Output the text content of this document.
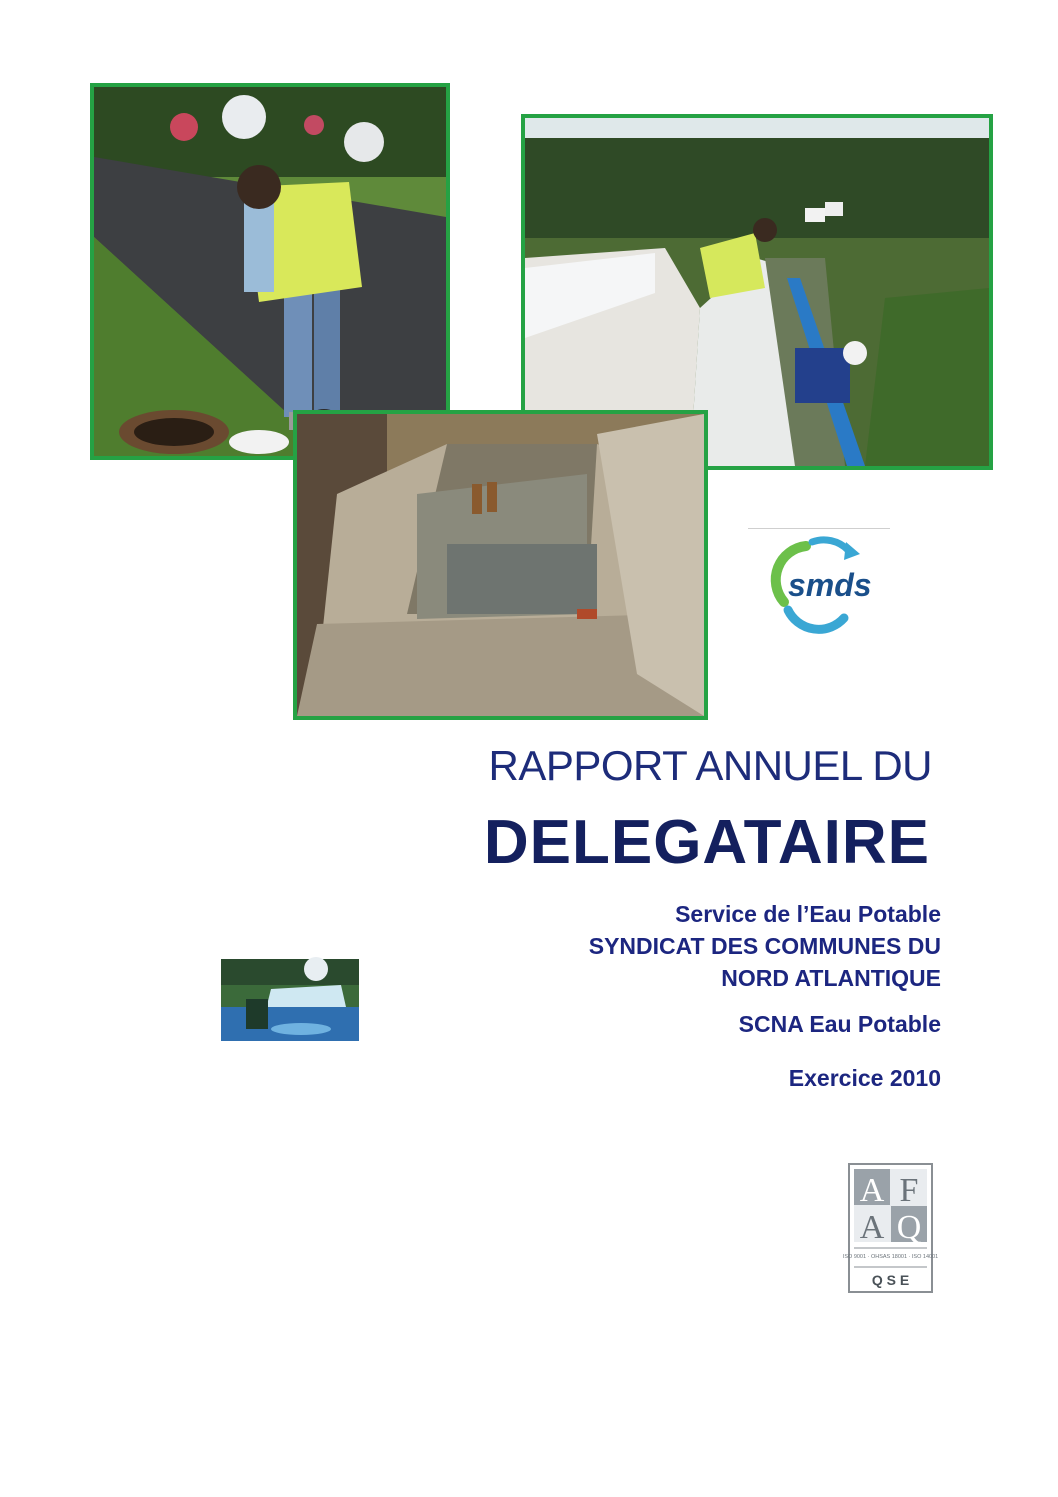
smds
RAPPORT ANNUEL DU
DELEGATAIRE

Service de l’Eau Potable

SYNDICAT DES COMMUNES DU

NORD ATLANTIQUE

SCNA Eau Potable

Exercice 2010

A F
A Q
ISO 9001 · OHSAS 18001 · ISO 14001
Q S E
